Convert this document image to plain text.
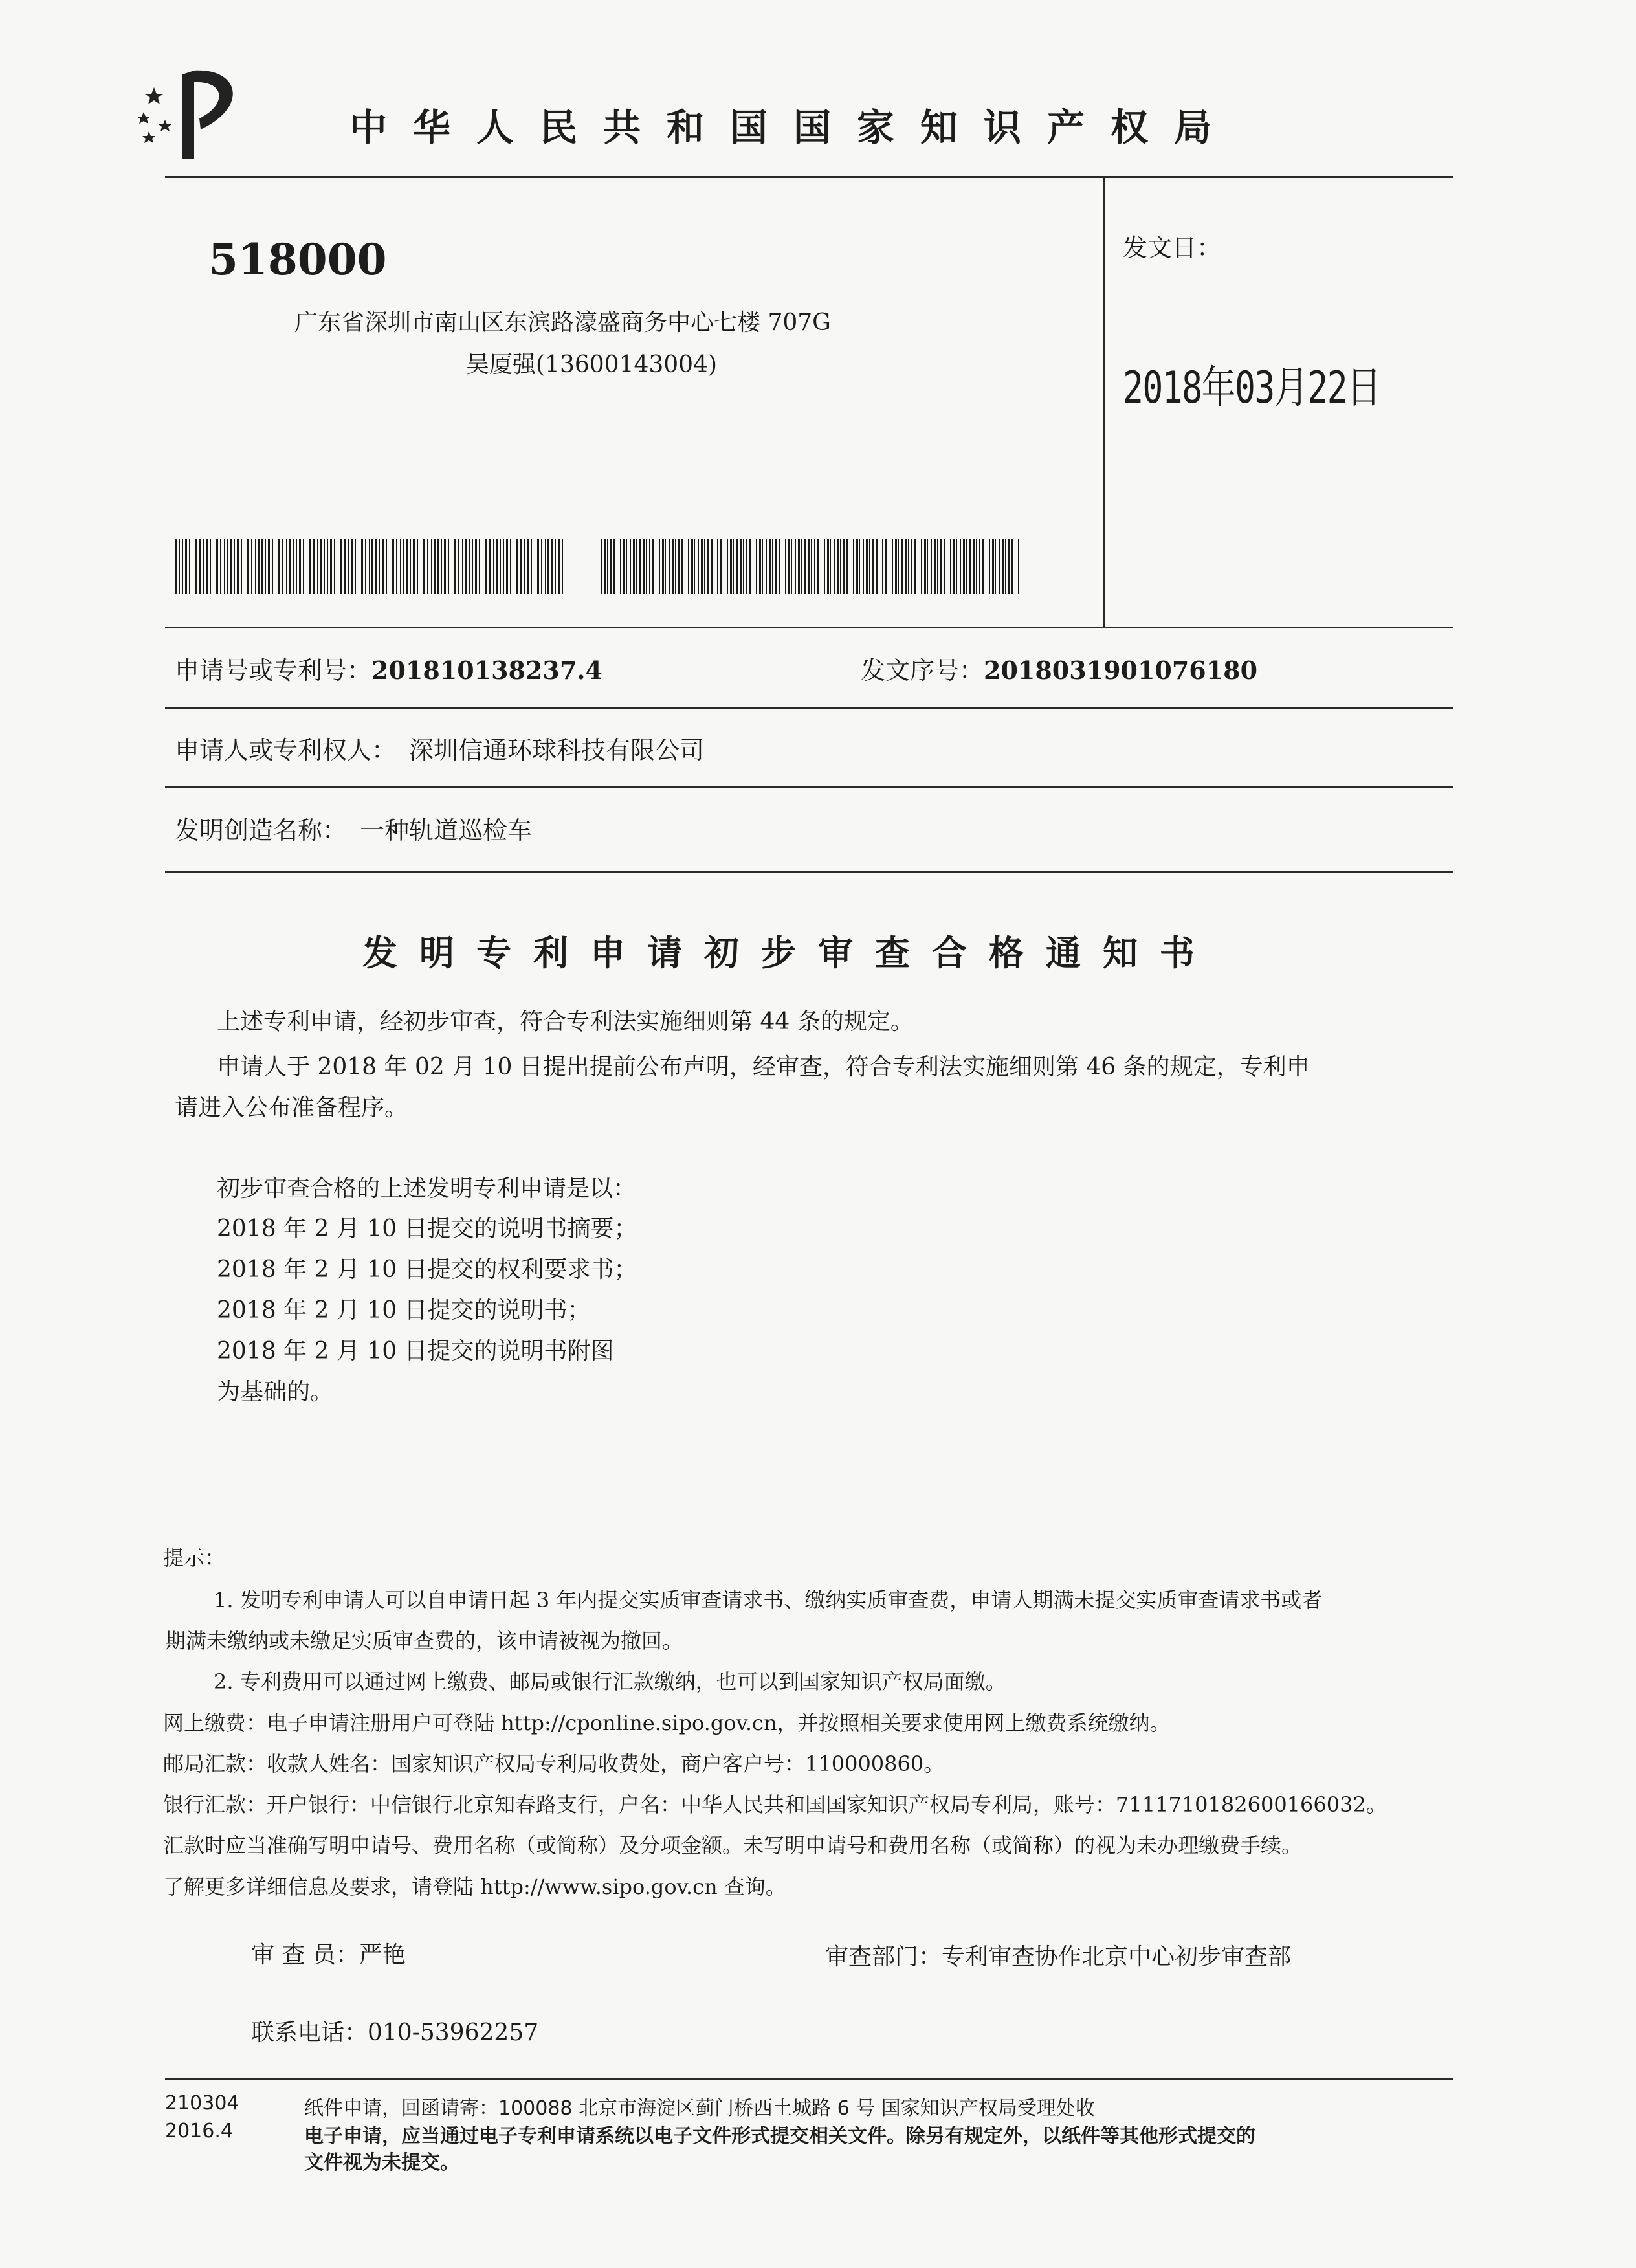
中华人民共和国国家知识产权局
518000
广东省深圳市南山区东滨路濠盛商务中心七楼 707G
吴厦强(13600143004)
发文日：
2018年03月22日
申请号或专利号：201810138237.4	发文序号：2018031901076180
申请人或专利权人： 深圳信通环球科技有限公司
发明创造名称： 一种轨道巡检车
发明专利申请初步审查合格通知书
上述专利申请，经初步审查，符合专利法实施细则第 44 条的规定。
申请人于 2018 年 02 月 10 日提出提前公布声明，经审查，符合专利法实施细则第 46 条的规定，专利申
请进入公布准备程序。
初步审查合格的上述发明专利申请是以：
2018 年 2 月 10 日提交的说明书摘要；
2018 年 2 月 10 日提交的权利要求书；
2018 年 2 月 10 日提交的说明书；
2018 年 2 月 10 日提交的说明书附图
为基础的。
提示：
1. 发明专利申请人可以自申请日起 3 年内提交实质审查请求书、缴纳实质审查费，申请人期满未提交实质审查请求书或者
期满未缴纳或未缴足实质审查费的，该申请被视为撤回。
2. 专利费用可以通过网上缴费、邮局或银行汇款缴纳，也可以到国家知识产权局面缴。
网上缴费：电子申请注册用户可登陆 http://cponline.sipo.gov.cn，并按照相关要求使用网上缴费系统缴纳。
邮局汇款：收款人姓名：国家知识产权局专利局收费处，商户客户号：110000860。
银行汇款：开户银行：中信银行北京知春路支行，户名：中华人民共和国国家知识产权局专利局，账号：7111710182600166032。
汇款时应当准确写明申请号、费用名称（或简称）及分项金额。未写明申请号和费用名称（或简称）的视为未办理缴费手续。
了解更多详细信息及要求，请登陆 http://www.sipo.gov.cn 查询。
审 查 员：严艳	审查部门：专利审查协作北京中心初步审查部
联系电话：010-53962257
210304
2016.4
纸件申请，回函请寄：100088 北京市海淀区蓟门桥西土城路 6 号 国家知识产权局受理处收
电子申请，应当通过电子专利申请系统以电子文件形式提交相关文件。除另有规定外，以纸件等其他形式提交的
文件视为未提交。
